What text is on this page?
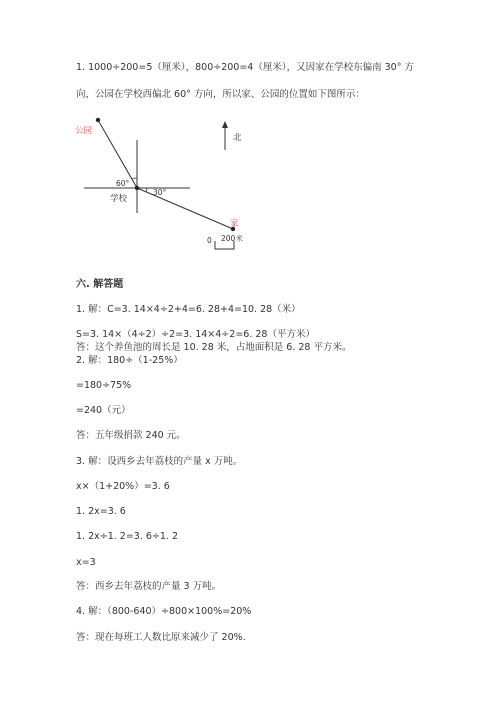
1. 1000÷200=5（厘米），800÷200=4（厘米），又因家在学校东偏南 30° 方
向，公园在学校西偏北 60° 方向，所以家、公园的位置如下图所示：
公园
60°
30°
学校
家
北
0 200米
六. 解答题
1. 解：C=3. 14×4÷2+4=6. 28+4=10. 28（米）
S=3. 14×（4÷2）÷2=3. 14×4÷2=6. 28（平方米）
答：这个养鱼池的周长是 10. 28 米，占地面积是 6. 28 平方米。
2. 解：180÷（1-25%）
=180÷75%
=240（元）
答：五年级捐款 240 元。
3. 解：设西乡去年荔枝的产量 x 万吨。
x×（1+20%）=3. 6
1. 2x=3. 6
1. 2x÷1. 2=3. 6÷1. 2
x=3
答：西乡去年荔枝的产量 3 万吨。
4. 解：（800-640）÷800×100%=20%
答：现在每班工人数比原来减少了 20%.
